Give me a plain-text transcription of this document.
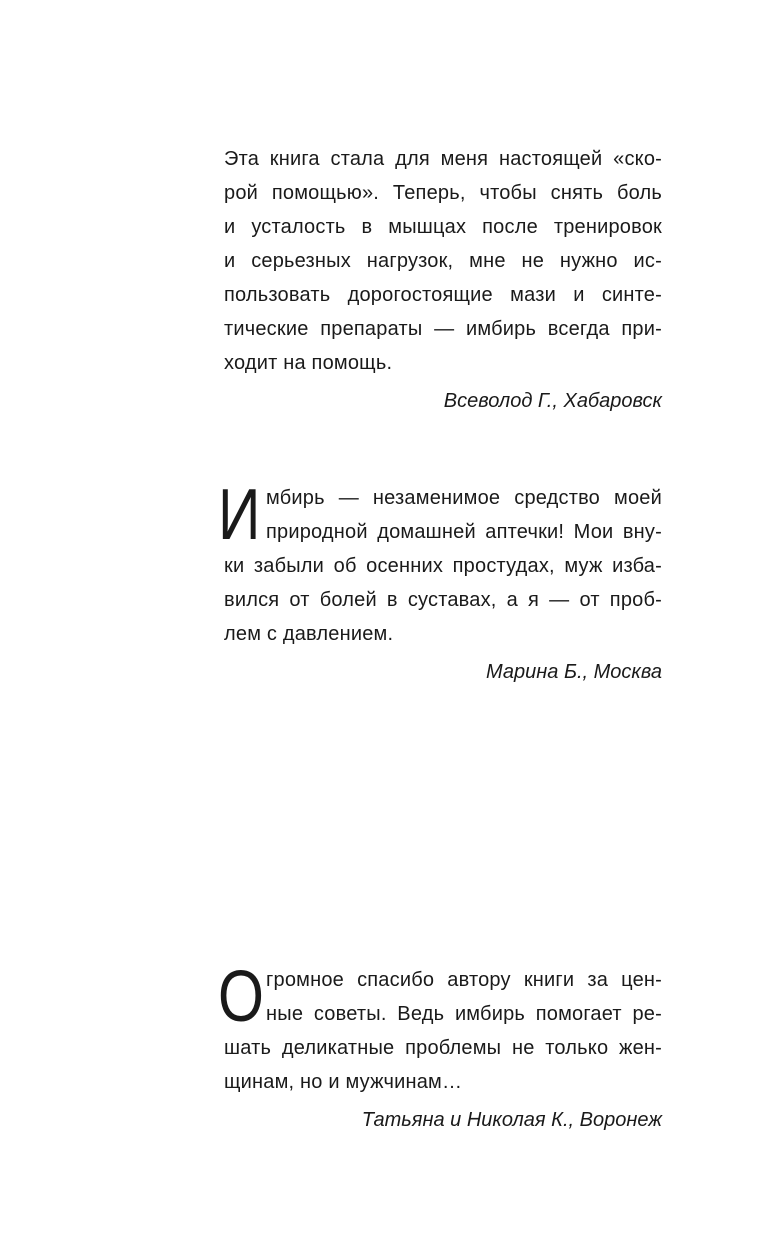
Эта книга стала для меня настоящей «ско-
рой помощью». Теперь, чтобы снять боль
и усталость в мышцах после тренировок
и серьезных нагрузок, мне не нужно ис-
пользовать дорогостоящие мази и синте-
тические препараты — имбирь всегда при-
ходит на помощь.
Всеволод Г., Хабаровск
И мбирь — незаменимое средство моей
природной домашней аптечки! Мои вну-
ки забыли об осенних простудах, муж изба-
вился от болей в суставах, а я — от проб-
лем с давлением.
Марина Б., Москва
О громное спасибо автору книги за цен-
ные советы. Ведь имбирь помогает ре-
шать деликатные проблемы не только жен-
щинам, но и мужчинам…
Татьяна и Николая К., Воронеж
